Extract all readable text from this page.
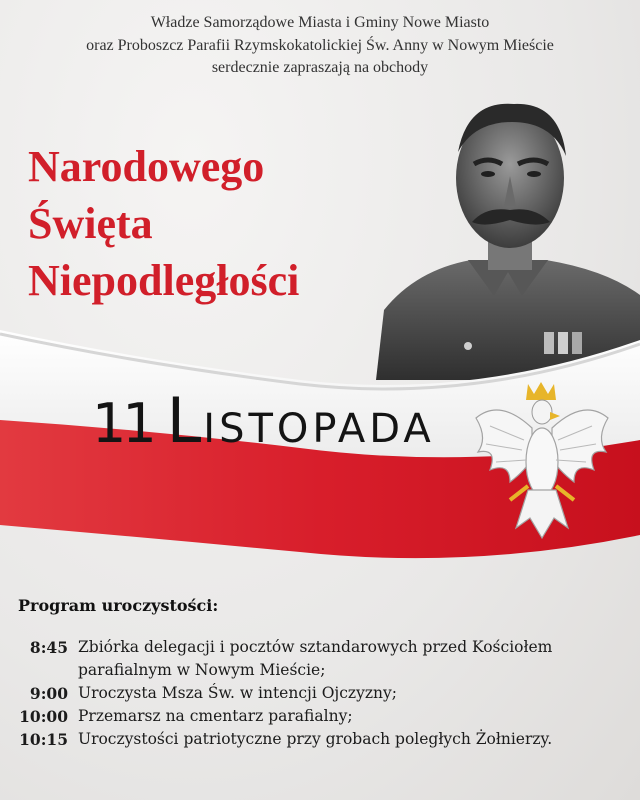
Władze Samorządowe Miasta i Gminy Nowe Miasto
oraz Proboszcz Parafii Rzymskokatolickiej Św. Anny w Nowym Mieście
serdecznie zapraszają na obchody
11 LISTOPADA
Narodowego
Święta
Niepodległości
Program uroczystości:
8:45 Zbiórka delegacji i pocztów sztandarowych przed Kościołem parafialnym w Nowym Mieście;
9:00 Uroczysta Msza Św. w intencji Ojczyzny;
10:00 Przemarsz na cmentarz parafialny;
10:15 Uroczystości patriotyczne przy grobach poległych Żołnierzy.
